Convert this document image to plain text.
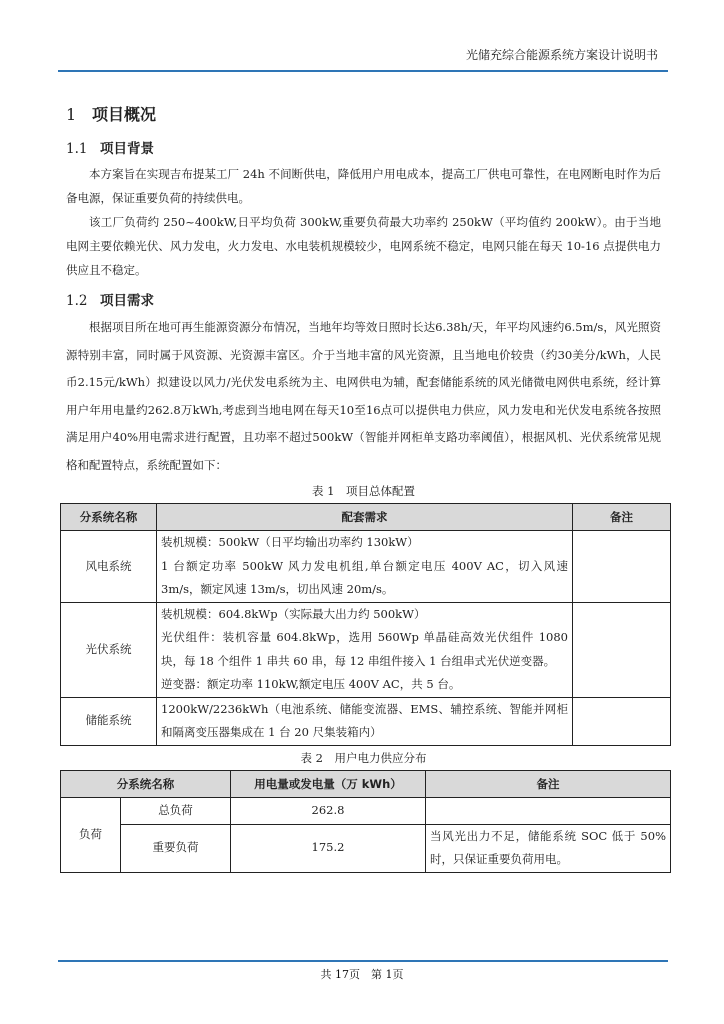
光储充综合能源系统方案设计说明书
1 项目概况
1.1 项目背景

本方案旨在实现吉布提某工厂 24h 不间断供电，降低用户用电成本，提高工厂供电可靠性，在电网断电时作为后备电源，保证重要负荷的持续供电。

该工厂负荷约 250~400kW,日平均负荷 300kW,重要负荷最大功率约 250kW（平均值约 200kW）。由于当地电网主要依赖光伏、风力发电，火力发电、水电装机规模较少，电网系统不稳定，电网只能在每天 10-16 点提供电力供应且不稳定。

1.2 项目需求

根据项目所在地可再生能源资源分布情况，当地年均等效日照时长达6.38h/天，年平均风速约6.5m/s，风光照资源特别丰富，同时属于风资源、光资源丰富区。介于当地丰富的风光资源，且当地电价较贵（约30美分/kWh，人民币2.15元/kWh）拟建设以风力/光伏发电系统为主、电网供电为辅，配套储能系统的风光储微电网供电系统，经计算用户年用电量约262.8万kWh,考虑到当地电网在每天10至16点可以提供电力供应，风力发电和光伏发电系统各按照满足用户40%用电需求进行配置，且功率不超过500kW（智能并网柜单支路功率阈值），根据风机、光伏系统常见规格和配置特点，系统配置如下：

表 1　项目总体配置
分系统名称	配套需求	备注
风电系统	装机规模：500kW（日平均输出功率约 130kW）
1 台额定功率 500kW 风力发电机组,单台额定电压 400V AC，切入风速 3m/s，额定风速 13m/s，切出风速 20m/s。	

光伏系统	装机规模：604.8kWp（实际最大出力约 500kW）
光伏组件：装机容量 604.8kWp，选用 560Wp 单晶硅高效光伏组件 1080 块，每 18 个组件 1 串共 60 串，每 12 串组件接入 1 台组串式光伏逆变器。
逆变器：额定功率 110kW,额定电压 400V AC，共 5 台。	

储能系统	1200kW/2236kWh（电池系统、储能变流器、EMS、辅控系统、智能并网柜和隔离变压器集成在 1 台 20 尺集装箱内）	

表 2　用户电力供应分布
分系统名称		用电量或发电量（万 kWh）	备注
负荷	总负荷	262.8	
	重要负荷	175.2	当风光出力不足，储能系统 SOC 低于 50%时，只保证重要负荷用电。
共 17页　第 1页
